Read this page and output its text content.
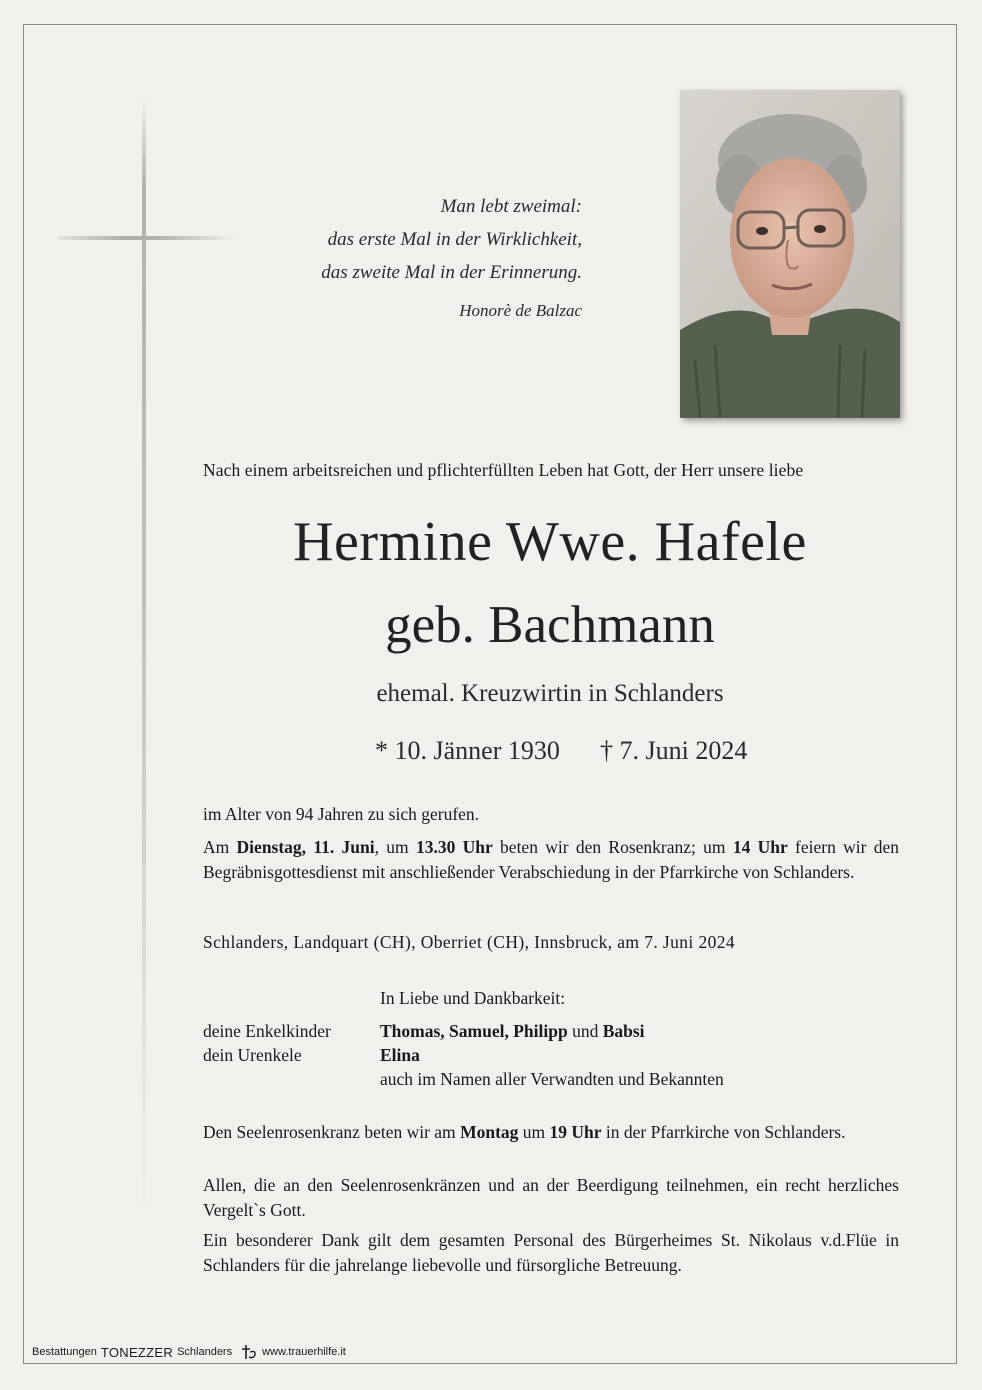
Man lebt zweimal:
das erste Mal in der Wirklichkeit,
das zweite Mal in der Erinnerung.
Honorè de Balzac
Nach einem arbeitsreichen und pflichterfüllten Leben hat Gott, der Herr unsere liebe
Hermine Wwe. Hafele
geb. Bachmann
ehemal. Kreuzwirtin in Schlanders
* 10. Jänner 1930 † 7. Juni 2024
im Alter von 94 Jahren zu sich gerufen.
Am Dienstag, 11. Juni, um 13.30 Uhr beten wir den Rosenkranz; um 14 Uhr feiern wir den Begräbnisgottesdienst mit anschließender Verabschiedung in der Pfarrkirche von Schlanders.
Schlanders, Landquart (CH), Oberriet (CH), Innsbruck, am 7. Juni 2024
In Liebe und Dankbarkeit:
deine Enkelkinder	Thomas, Samuel, Philipp und Babsi
dein Urenkele	Elina
auch im Namen aller Verwandten und Bekannten
Den Seelenrosenkranz beten wir am Montag um 19 Uhr in der Pfarrkirche von Schlanders.
Allen, die an den Seelenrosenkränzen und an der Beerdigung teilnehmen, ein recht herzliches Vergelt`s Gott.
Ein besonderer Dank gilt dem gesamten Personal des Bürgerheimes St. Nikolaus v.d.Flüe in Schlanders für die jahrelange liebevolle und fürsorgliche Betreuung.
Bestattungen TONEZZER Schlanders	www.trauerhilfe.it
